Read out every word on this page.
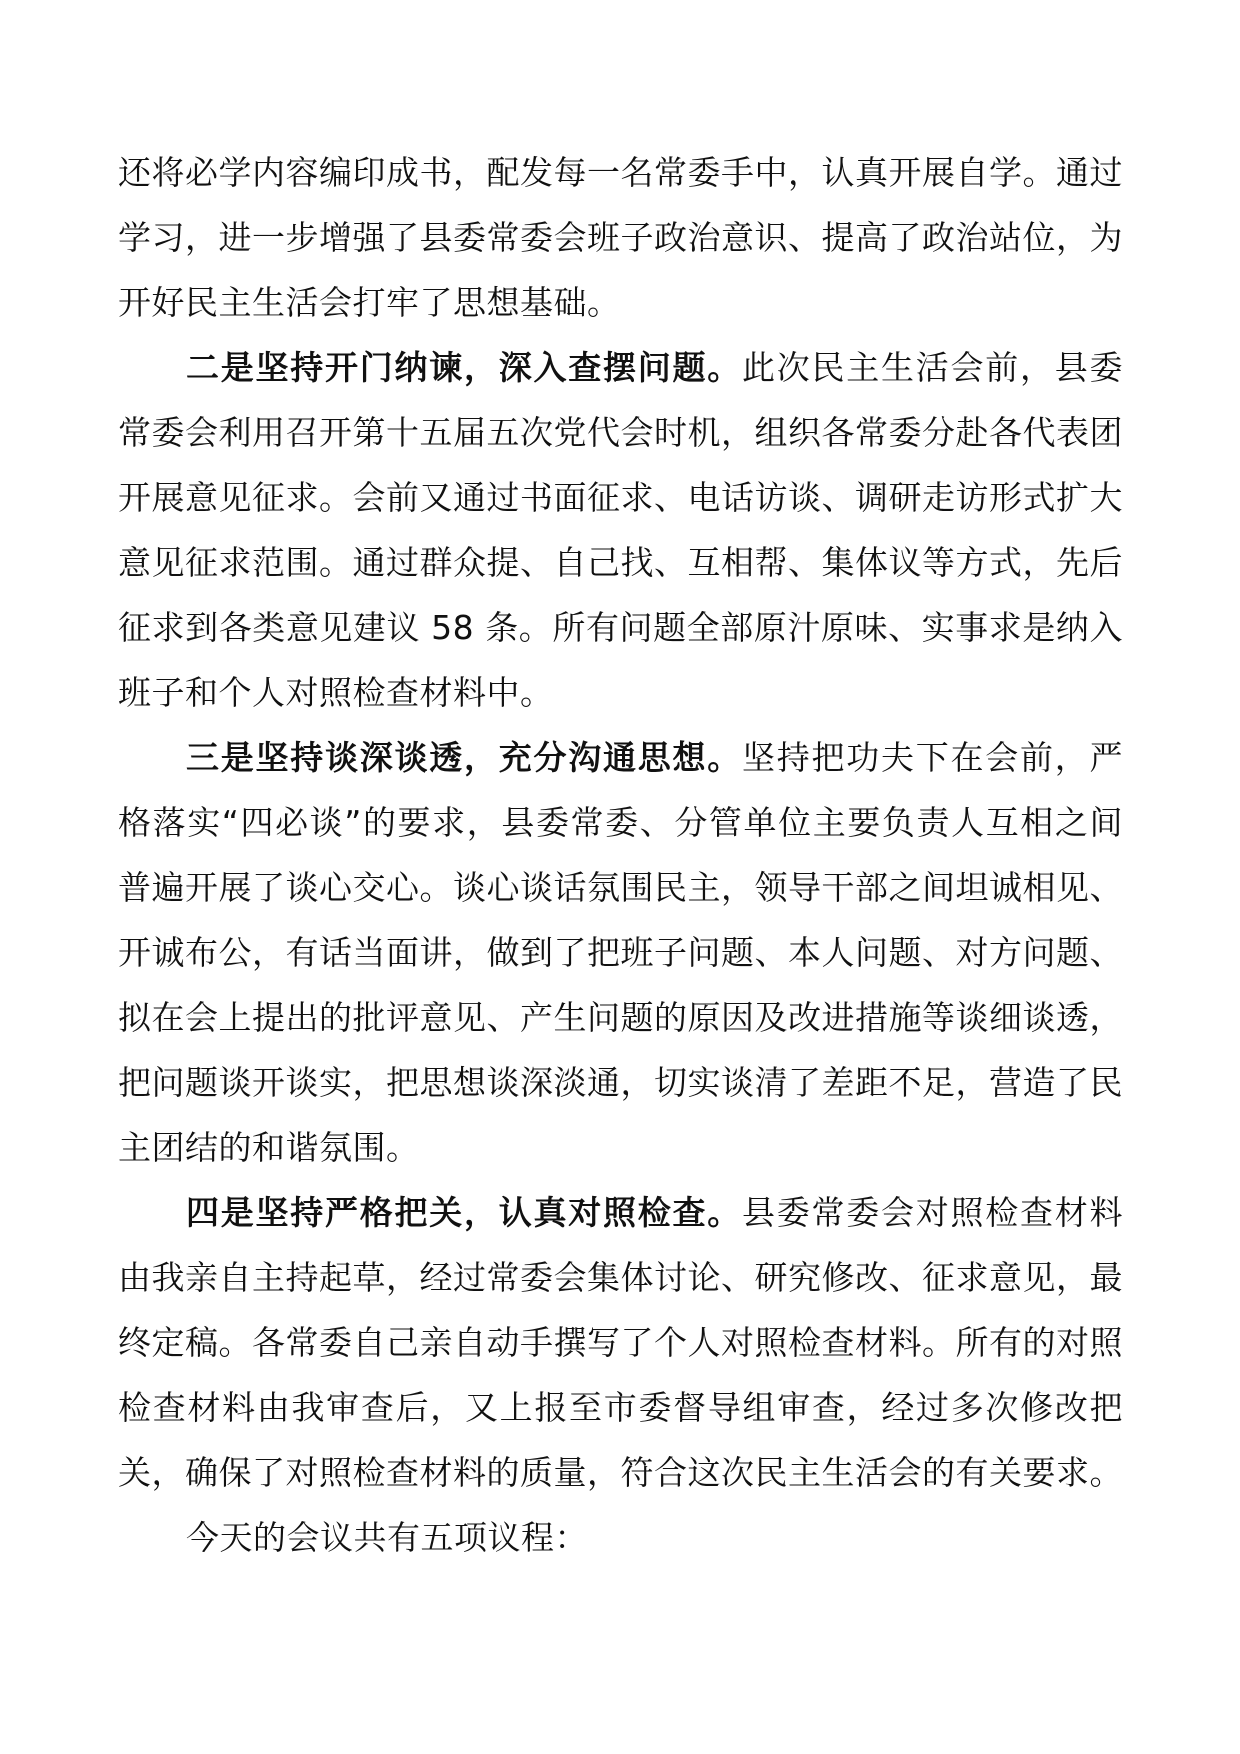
还将必学内容编印成书，配发每一名常委手中，认真开展自学。通过学习，进一步增强了县委常委会班子政治意识、提高了政治站位，为开好民主生活会打牢了思想基础。

二是坚持开门纳谏，深入查摆问题。此次民主生活会前，县委常委会利用召开第十五届五次党代会时机，组织各常委分赴各代表团开展意见征求。会前又通过书面征求、电话访谈、调研走访形式扩大意见征求范围。通过群众提、自己找、互相帮、集体议等方式，先后征求到各类意见建议 58 条。所有问题全部原汁原味、实事求是纳入班子和个人对照检查材料中。

三是坚持谈深谈透，充分沟通思想。坚持把功夫下在会前，严格落实“四必谈”的要求，县委常委、分管单位主要负责人互相之间普遍开展了谈心交心。谈心谈话氛围民主，领导干部之间坦诚相见、开诚布公，有话当面讲，做到了把班子问题、本人问题、对方问题、拟在会上提出的批评意见、产生问题的原因及改进措施等谈细谈透，把问题谈开谈实，把思想谈深淡通，切实谈清了差距不足，营造了民主团结的和谐氛围。

四是坚持严格把关，认真对照检查。县委常委会对照检查材料由我亲自主持起草，经过常委会集体讨论、研究修改、征求意见，最终定稿。各常委自己亲自动手撰写了个人对照检查材料。所有的对照检查材料由我审查后，又上报至市委督导组审查，经过多次修改把关，确保了对照检查材料的质量，符合这次民主生活会的有关要求。

今天的会议共有五项议程：
